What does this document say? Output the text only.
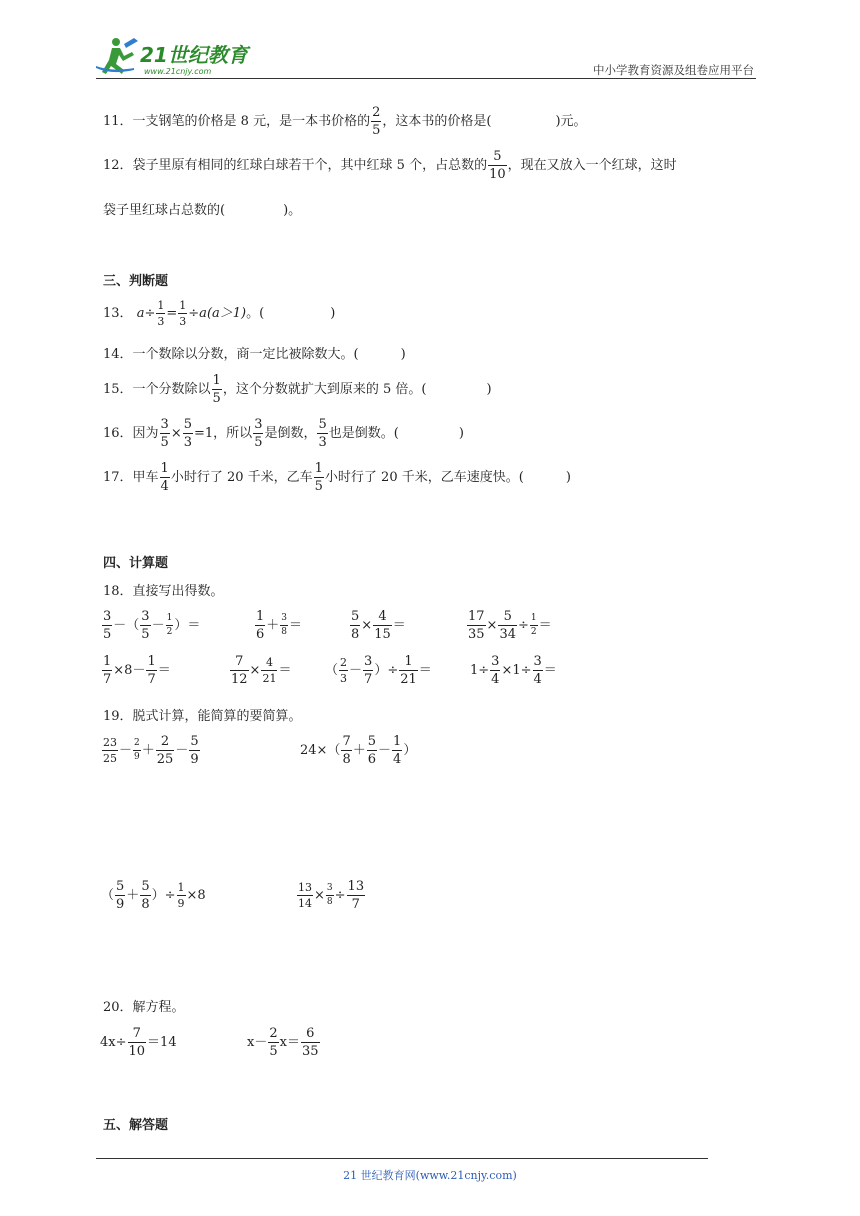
21世纪教育
www.21cnjy.com	中小学教育资源及组卷应用平台
11．一支钢笔的价格是 8 元，是一本书价格的 $\frac{2}{5}$ ，这本书的价格是(	)元。
12．袋子里原有相同的红球白球若干个，其中红球 5 个，占总数的 $\frac{5}{10}$ ，现在又放入一个红球，这时
袋子里红球占总数的(	)。
三、判断题
13． $a\div \frac{1}{3} = \frac{1}{3} \div a(a>1)$。(	)
14．一个数除以分数，商一定比被除数大。(	)
15．一个分数除以 $\frac{1}{5}$ ，这个分数就扩大到原来的 5 倍。(	)
16．因为 $\frac{3}{5} \times \frac{5}{3} =1$，所以 $\frac{3}{5}$ 是倒数， $\frac{5}{3}$ 也是倒数。(	)
17．甲车 $\frac{1}{4}$ 小时行了 20 千米，乙车 $\frac{1}{5}$ 小时行了 20 千米，乙车速度快。(	)
四、计算题
18．直接写出得数。
$\frac{3}{5}$ －（ $\frac{3}{5} - \frac{1}{2}$ ）＝	$\frac{1}{6} + \frac{3}{8}$ ＝	$\frac{5}{8} \times \frac{4}{15}$ ＝	$\frac{17}{35} \times \frac{5}{34} \div \frac{1}{2}$ ＝
$\frac{1}{7} \times 8- \frac{1}{7}$ ＝	$\frac{7}{12} \times \frac{4}{21}$ ＝	（ $\frac{2}{3} - \frac{3}{7}$ ）÷ $\frac{1}{21}$ ＝	$1\div \frac{3}{4} \times 1\div \frac{3}{4}$ ＝
19．脱式计算，能简算的要简算。
$\frac{23}{25} - \frac{2}{9} + \frac{2}{25} - \frac{5}{9}$	$24\times( \frac{7}{8} + \frac{5}{6} - \frac{1}{4}$ ）
（ $\frac{5}{9} + \frac{5}{8}$ ）÷ $\frac{1}{9} \times 8$	$\frac{13}{14} \times \frac{3}{8} \div \frac{13}{7}$
20．解方程。
$4x\div \frac{7}{10} =14$	$x- \frac{2}{5} x= \frac{6}{35}$
五、解答题
21 世纪教育网(www.21cnjy.com)
